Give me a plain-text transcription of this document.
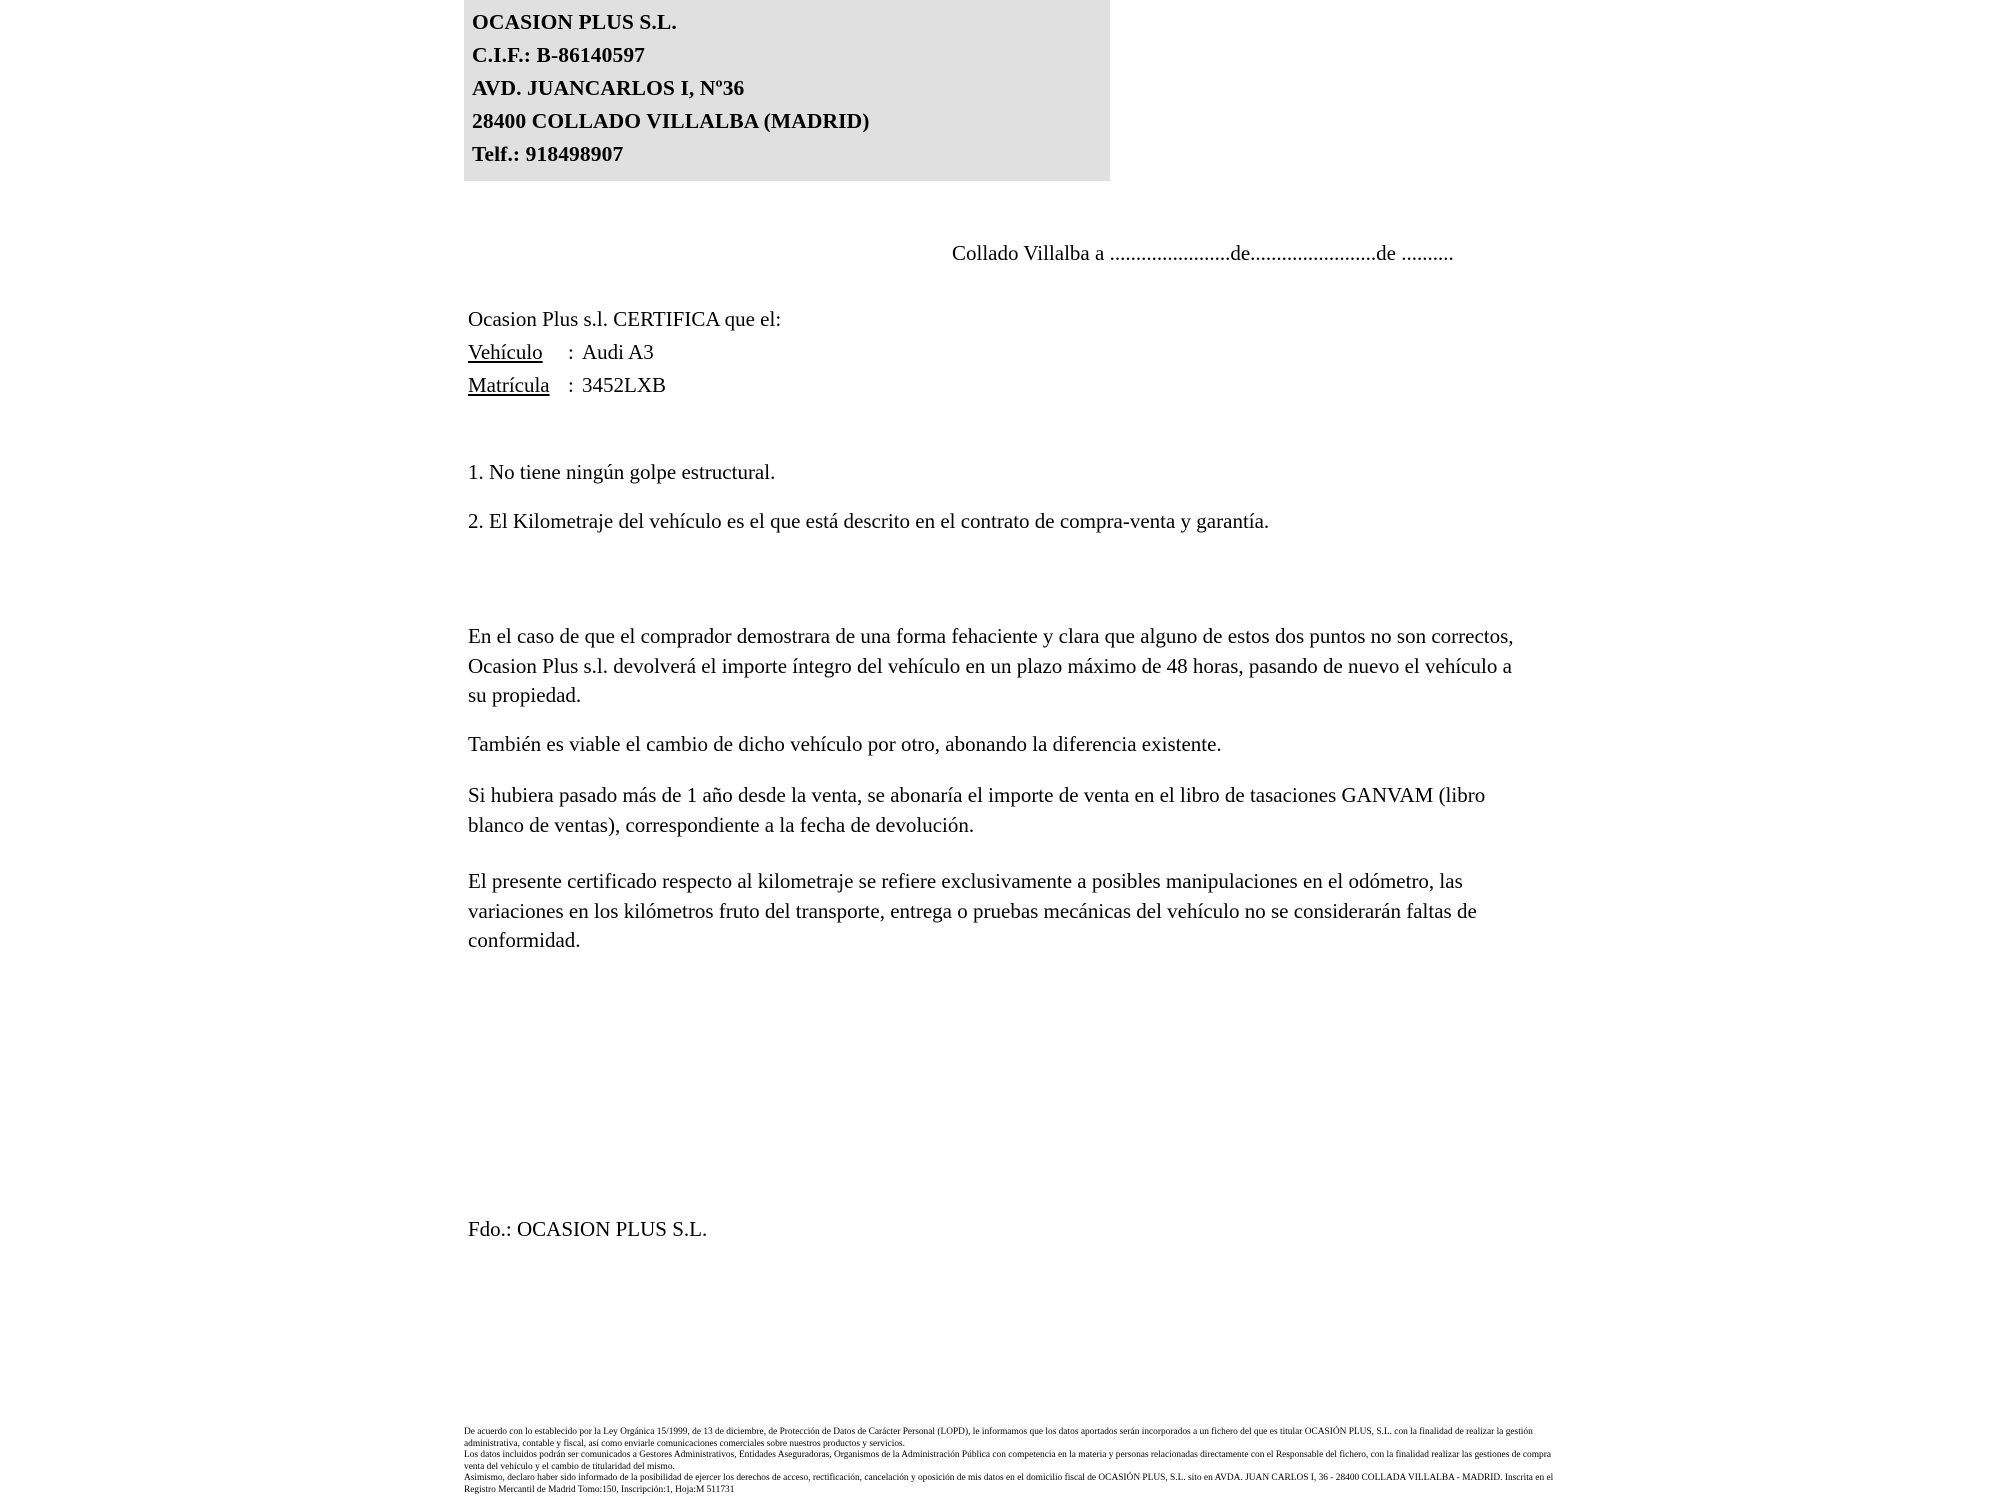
OCASION PLUS S.L.
C.I.F.: B-86140597
AVD. JUANCARLOS I, Nº36
28400 COLLADO VILLALBA (MADRID)
Telf.: 918498907
Collado Villalba a .......................de........................de ..........

Ocasion Plus s.l. CERTIFICA que el:

Vehículo : Audi A3

Matrícula : 3452LXB

1. No tiene ningún golpe estructural.

2. El Kilometraje del vehículo es el que está descrito en el contrato de compra-venta y garantía.

En el caso de que el comprador demostrara de una forma fehaciente y clara que alguno de estos dos puntos no son correctos, Ocasion Plus s.l. devolverá el importe íntegro del vehículo en un plazo máximo de 48 horas, pasando de nuevo el vehículo a su propiedad.

También es viable el cambio de dicho vehículo por otro, abonando la diferencia existente.

Si hubiera pasado más de 1 año desde la venta, se abonaría el importe de venta en el libro de tasaciones GANVAM (libro blanco de ventas), correspondiente a la fecha de devolución.

El presente certificado respecto al kilometraje se refiere exclusivamente a posibles manipulaciones en el odómetro, las variaciones en los kilómetros fruto del transporte, entrega o pruebas mecánicas del vehículo no se considerarán faltas de conformidad.

Fdo.: OCASION PLUS S.L.

De acuerdo con lo establecido por la Ley Orgánica 15/1999, de 13 de diciembre, de Protección de Datos de Carácter Personal (LOPD), le informamos que los datos aportados serán incorporados a un fichero del que es titular OCASIÓN PLUS, S.L. con la finalidad de realizar la gestión administrativa, contable y fiscal, así como enviarle comunicaciones comerciales sobre nuestros productos y servicios.

Los datos incluidos podrán ser comunicados a Gestores Administrativos, Entidades Aseguradoras, Organismos de la Administración Pública con competencia en la materia y personas relacionadas directamente con el Responsable del fichero, con la finalidad realizar las gestiones de compra venta del vehículo y el cambio de titularidad del mismo.

Asimismo, declaro haber sido informado de la posibilidad de ejercer los derechos de acceso, rectificación, cancelación y oposición de mis datos en el domicilio fiscal de OCASIÓN PLUS, S.L. sito en AVDA. JUAN CARLOS I, 36 - 28400 COLLADA VILLALBA - MADRID. Inscrita en el Registro Mercantil de Madrid Tomo:150, Inscripción:1, Hoja:M 511731
